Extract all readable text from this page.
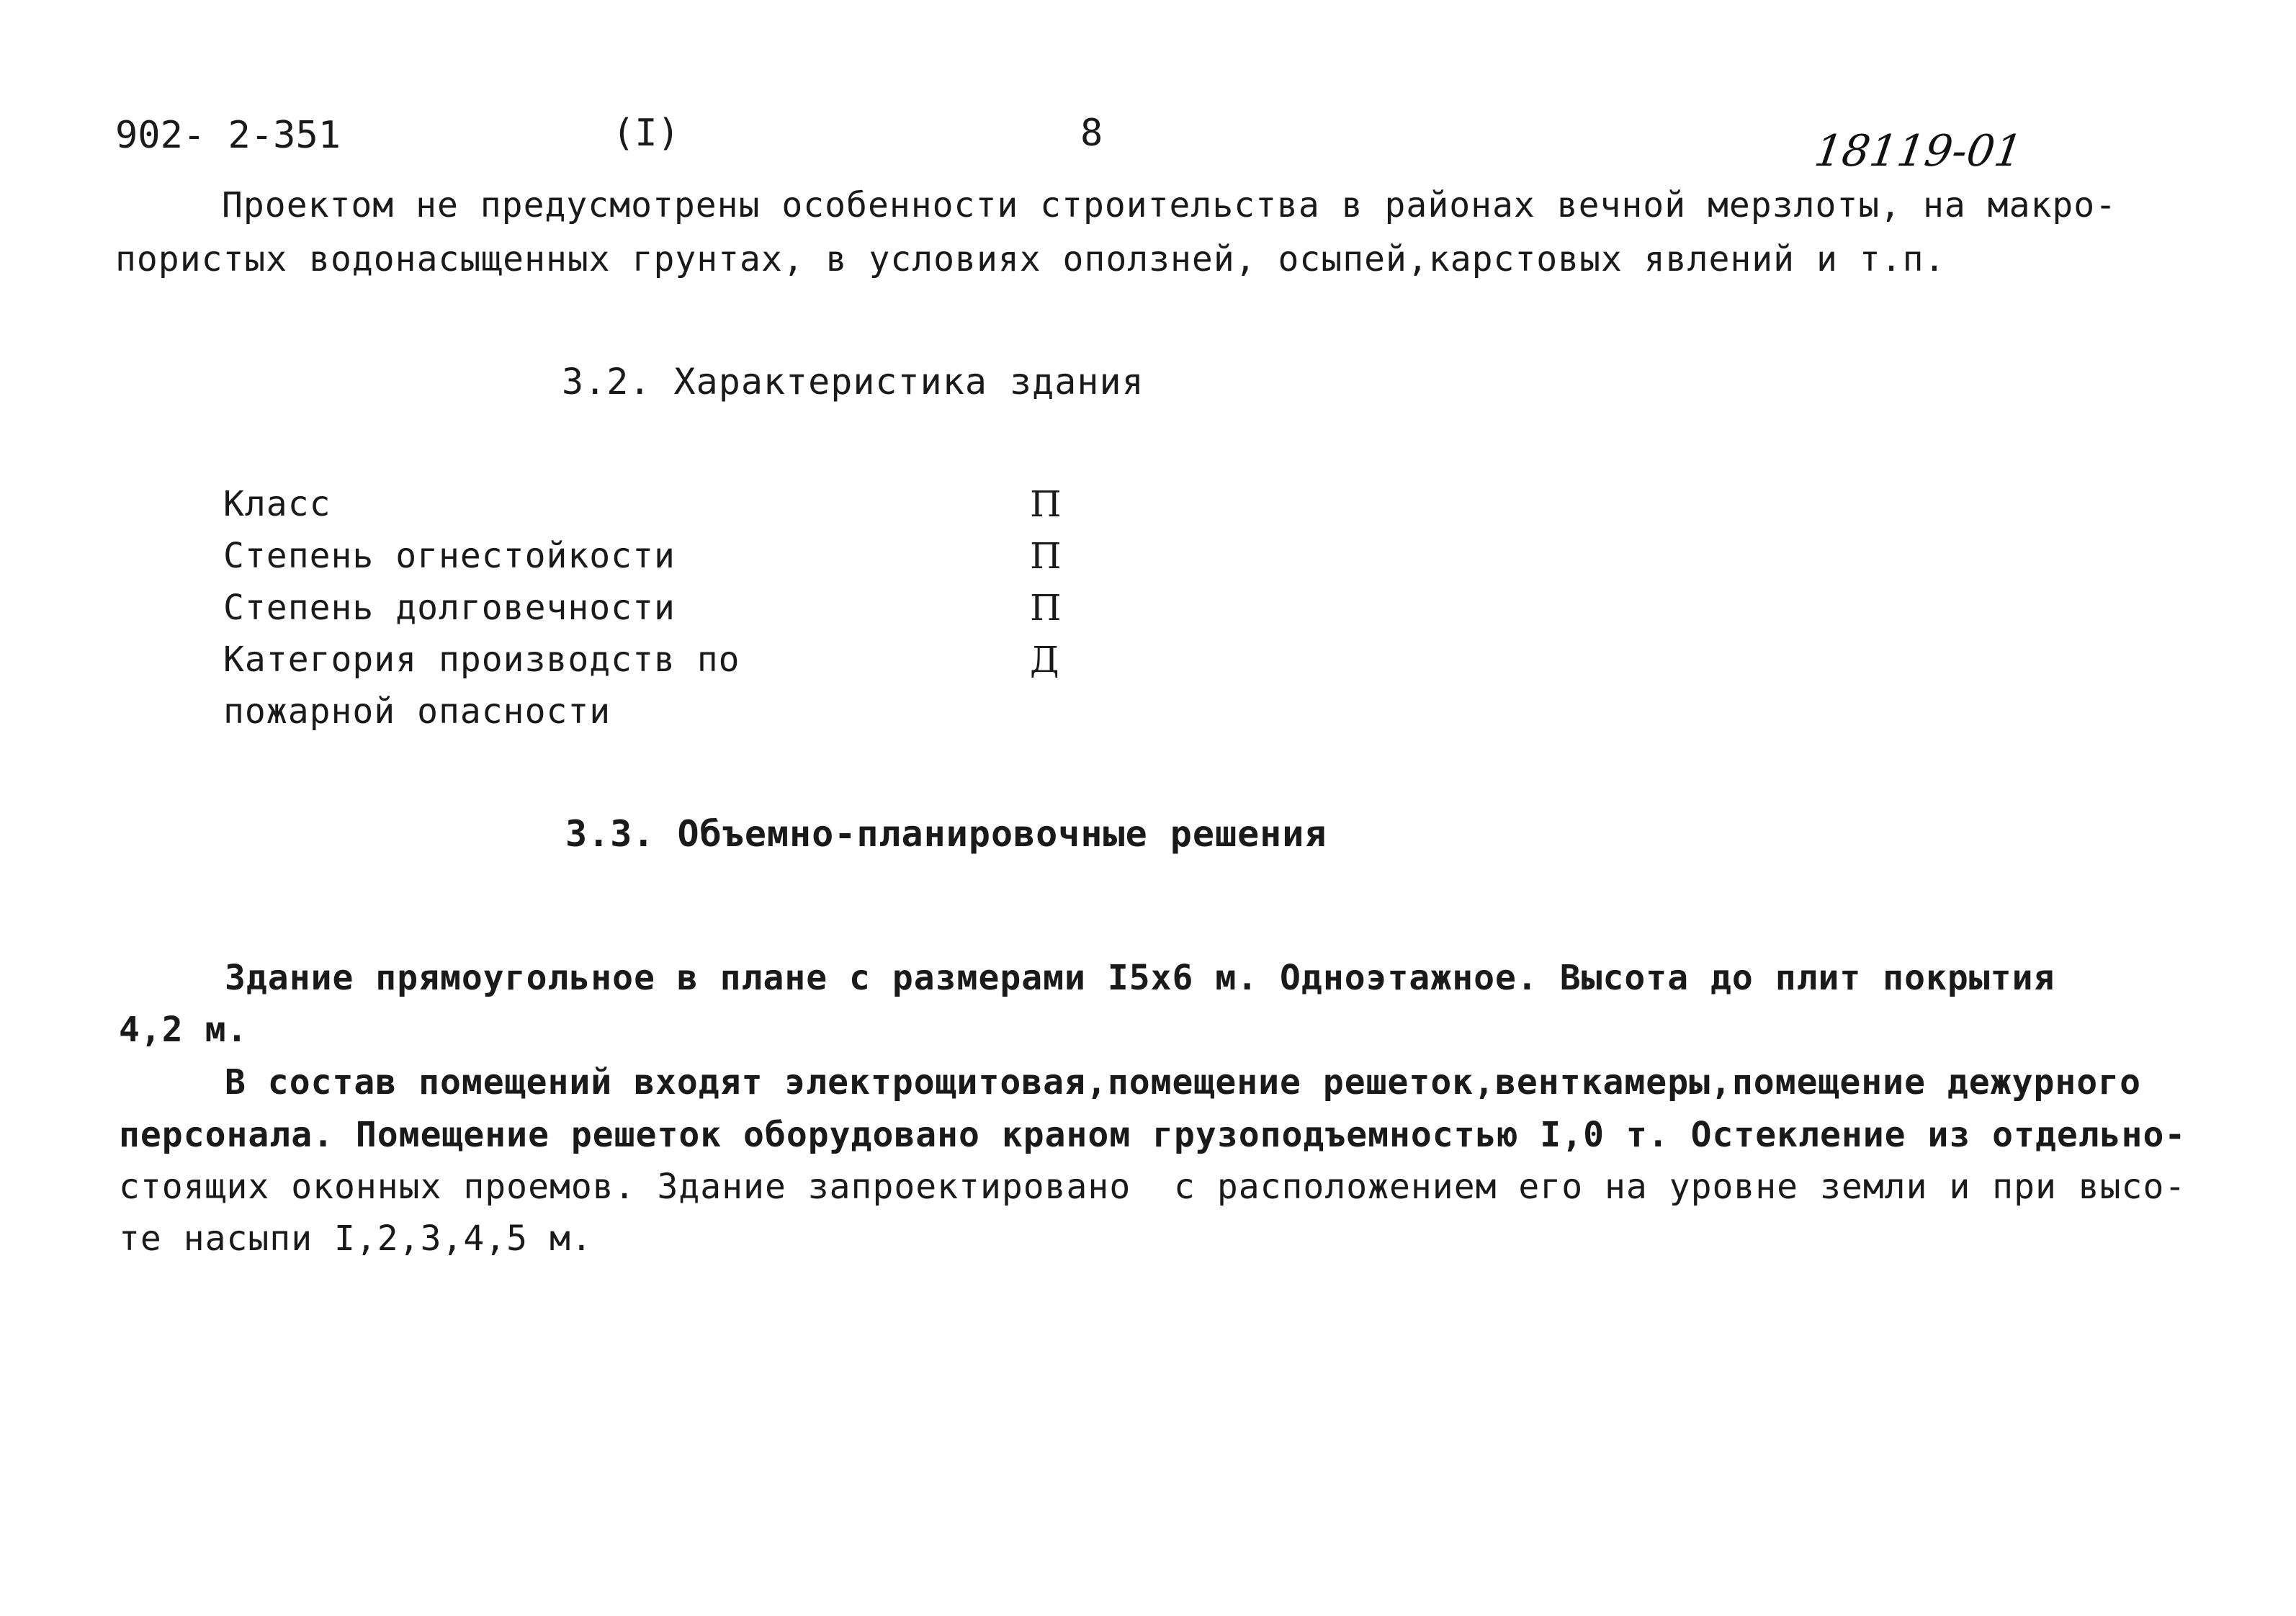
902- 2-351	(I)	8	18119-01
Проектом не предусмотрены особенности строительства в районах вечной мерзлоты, на макро-
пористых водонасыщенных грунтах, в условиях оползней, осыпей,карстовых явлений и т.п.
3.2. Характеристика здания
Класс	П
Степень огнестойкости	П
Степень долговечности	П
Категория производств по	Д
пожарной опасности
3.3. Объемно-планировочные решения
Здание прямоугольное в плане с размерами I5х6 м. Одноэтажное. Высота до плит покрытия
4,2 м.
В состав помещений входят электрощитовая,помещение решеток,венткамеры,помещение дежурного
персонала. Помещение решеток оборудовано краном грузоподъемностью I,0 т. Остекление из отдельно-
стоящих оконных проемов. Здание запроектировано  с расположением его на уровне земли и при высо-
те насыпи I,2,3,4,5 м.
